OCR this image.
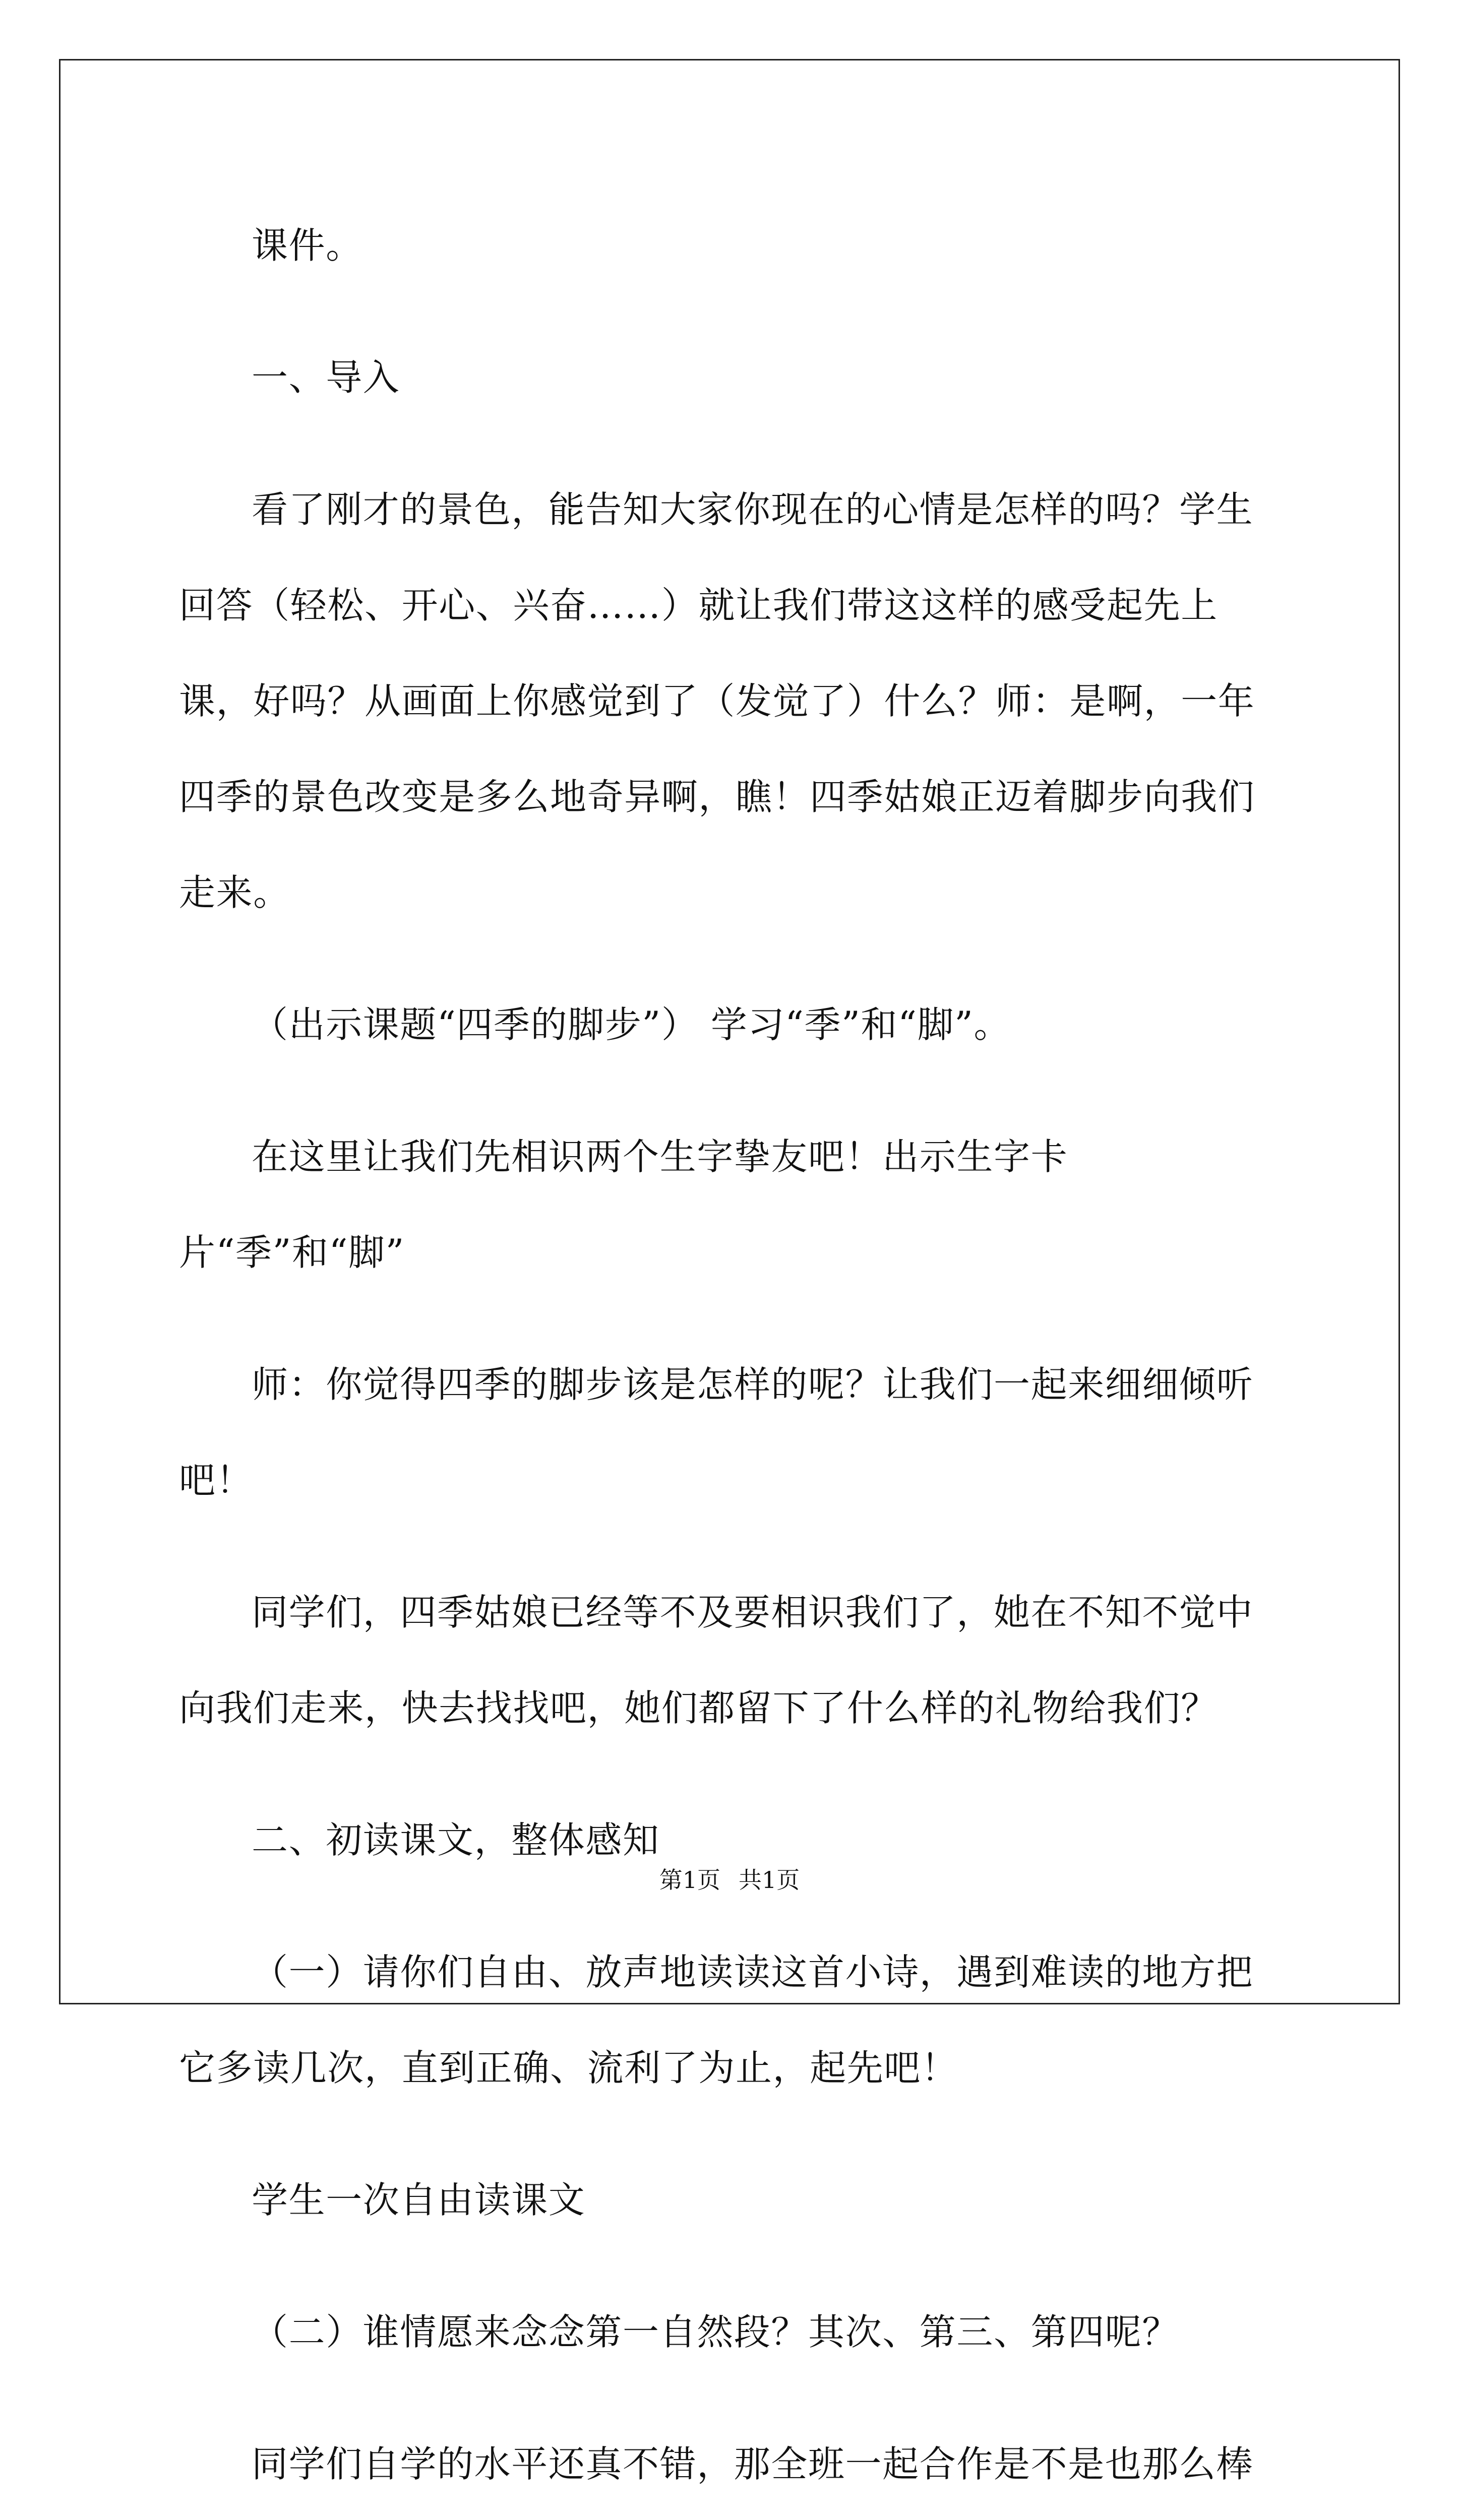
课件。

一、导入

看了刚才的景色，能告知大家你现在的心情是怎样的吗？学生回答（轻松、开心、兴奋……）就让我们带这这样的感受起先上课，好吗？从画面上你感觉到了（发觉了）什么？师：是啊，一年四季的景色改变是多么地奇异啊，瞧！四季姑娘正迈着脚步向我们走来。

（出示课题“四季的脚步”） 学习“季”和“脚”。

在这里让我们先相识两个生字挚友吧！出示生字卡片“季”和“脚”

师：你觉得四季的脚步该是怎样的呢？让我们一起来细细倾听吧！

同学们，四季姑娘已经等不及要相识我们了，她在不知不觉中向我们走来，快去找找吧，她们都留下了什么样的礼物给我们？

二、初读课文，整体感知

（一）请你们自由、放声地读读这首小诗，遇到难读的地方把它多读几次，直到正确、流利了为止，起先吧！

学生一次自由读课文

（二）谁情愿来念念第一自然段？其次、第三、第四呢？

同学们自学的水平还真不错，那全班一起合作是不是也那么棒

第1页 共1页
